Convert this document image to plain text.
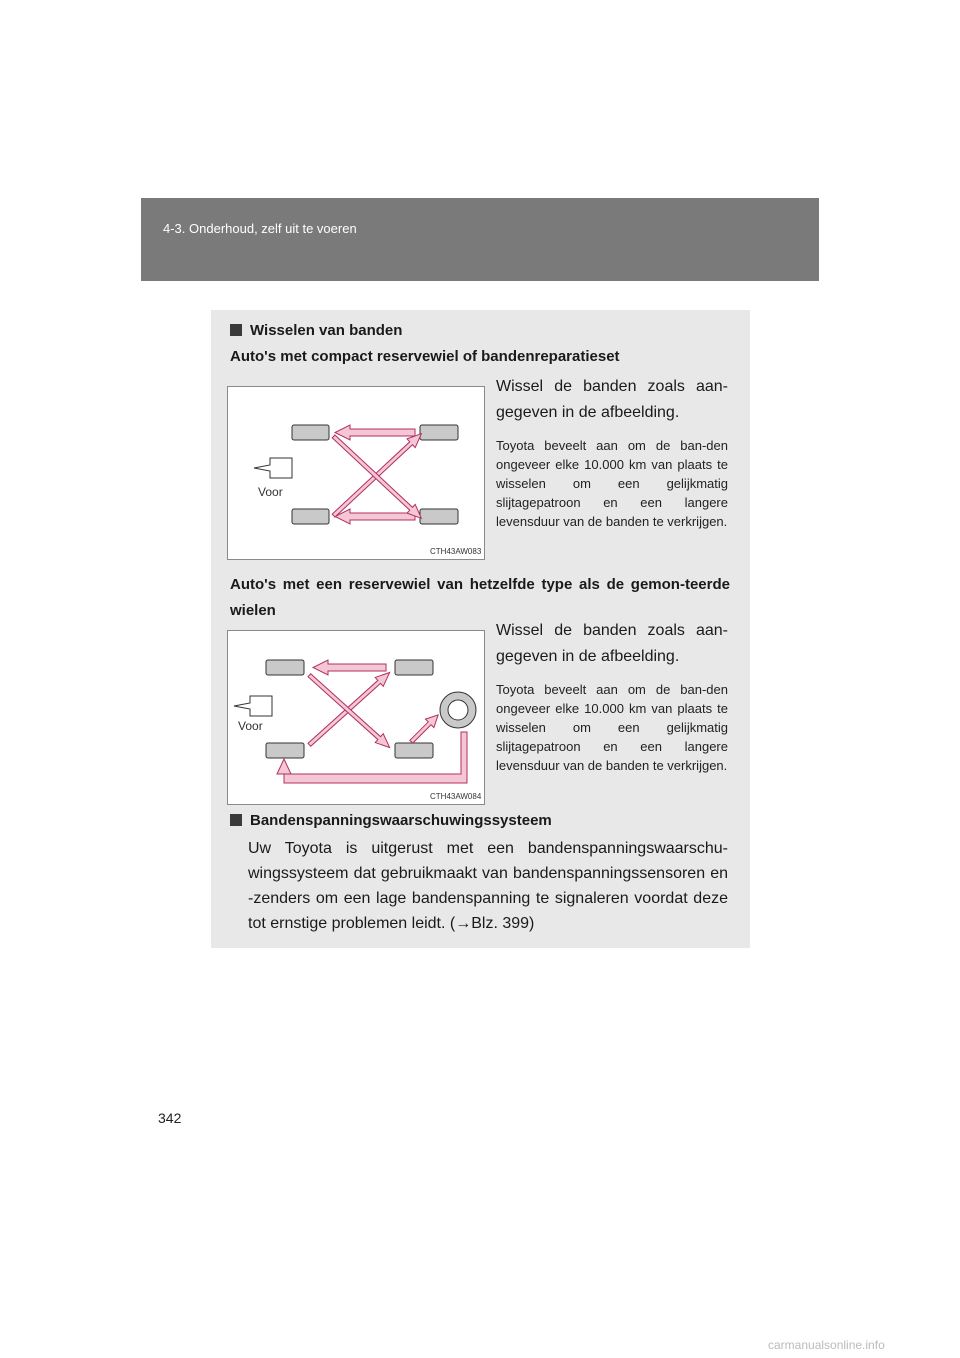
4-3. Onderhoud, zelf uit te voeren
Wisselen van banden
Auto's met compact reservewiel of bandenreparatieset
Voor
CTH43AW083
Wissel de banden zoals aan-gegeven in de afbeelding.
Toyota beveelt aan om de ban-den ongeveer elke 10.000 km van plaats te wisselen om een gelijkmatig slijtagepatroon en een langere levensduur van de banden te verkrijgen.
Auto's met een reservewiel van hetzelfde type als de gemon-teerde wielen
Voor
CTH43AW084
Wissel de banden zoals aan-gegeven in de afbeelding.
Toyota beveelt aan om de ban-den ongeveer elke 10.000 km van plaats te wisselen om een gelijkmatig slijtagepatroon en een langere levensduur van de banden te verkrijgen.
Bandenspanningswaarschuwingssysteem
Uw Toyota is uitgerust met een bandenspanningswaarschu-wingssysteem dat gebruikmaakt van bandenspanningssensoren en -zenders om een lage bandenspanning te signaleren voordat deze tot ernstige problemen leidt. (→Blz. 399)
342
carmanualsonline.info
